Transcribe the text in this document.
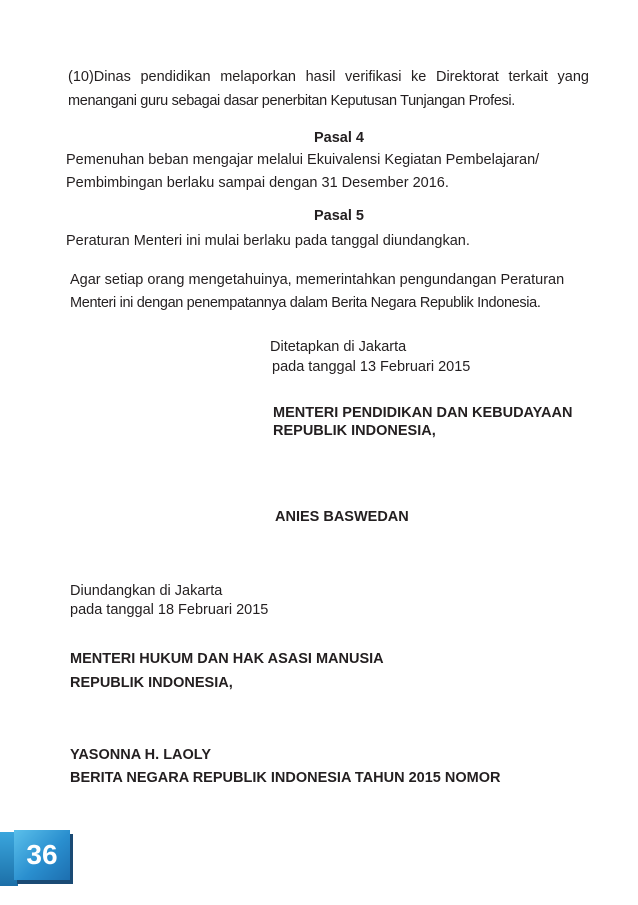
(10)Dinas pendidikan melaporkan hasil verifikasi ke Direktorat terkait yang
menangani guru sebagai dasar penerbitan Keputusan Tunjangan Profesi.
Pasal 4
Pemenuhan beban mengajar melalui Ekuivalensi Kegiatan Pembelajaran/
Pembimbingan berlaku sampai dengan 31 Desember 2016.
Pasal 5
Peraturan Menteri ini mulai berlaku pada tanggal diundangkan.
Agar setiap orang mengetahuinya, memerintahkan pengundangan Peraturan
Menteri ini dengan penempatannya dalam Berita Negara Republik Indonesia.
Ditetapkan di Jakarta
pada tanggal 13 Februari 2015
MENTERI PENDIDIKAN DAN KEBUDAYAAN
REPUBLIK INDONESIA,
ANIES BASWEDAN
Diundangkan di Jakarta
pada tanggal 18 Februari 2015
MENTERI HUKUM DAN HAK ASASI MANUSIA
REPUBLIK INDONESIA,
YASONNA H. LAOLY
BERITA NEGARA REPUBLIK INDONESIA TAHUN 2015 NOMOR
36
